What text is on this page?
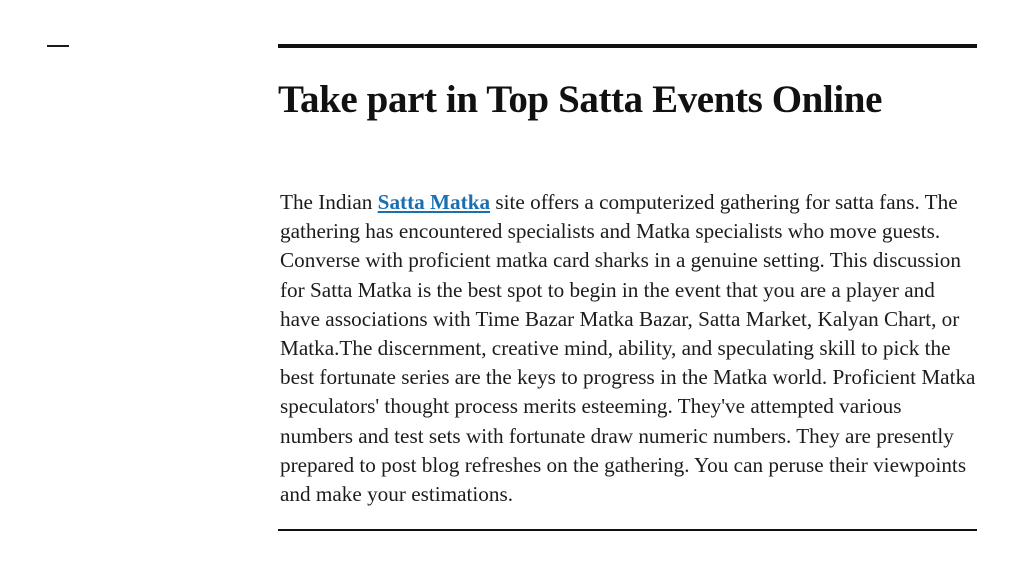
Take part in Top Satta Events Online

The Indian Satta Matka site offers a computerized gathering for satta fans. The gathering has encountered specialists and Matka specialists who move guests. Converse with proficient matka card sharks in a genuine setting. This discussion for Satta Matka is the best spot to begin in the event that you are a player and have associations with Time Bazar Matka Bazar, Satta Market, Kalyan Chart, or Matka.The discernment, creative mind, ability, and speculating skill to pick the best fortunate series are the keys to progress in the Matka world. Proficient Matka speculators' thought process merits esteeming. They've attempted various numbers and test sets with fortunate draw numeric numbers. They are presently prepared to post blog refreshes on the gathering. You can peruse their viewpoints and make your estimations.
